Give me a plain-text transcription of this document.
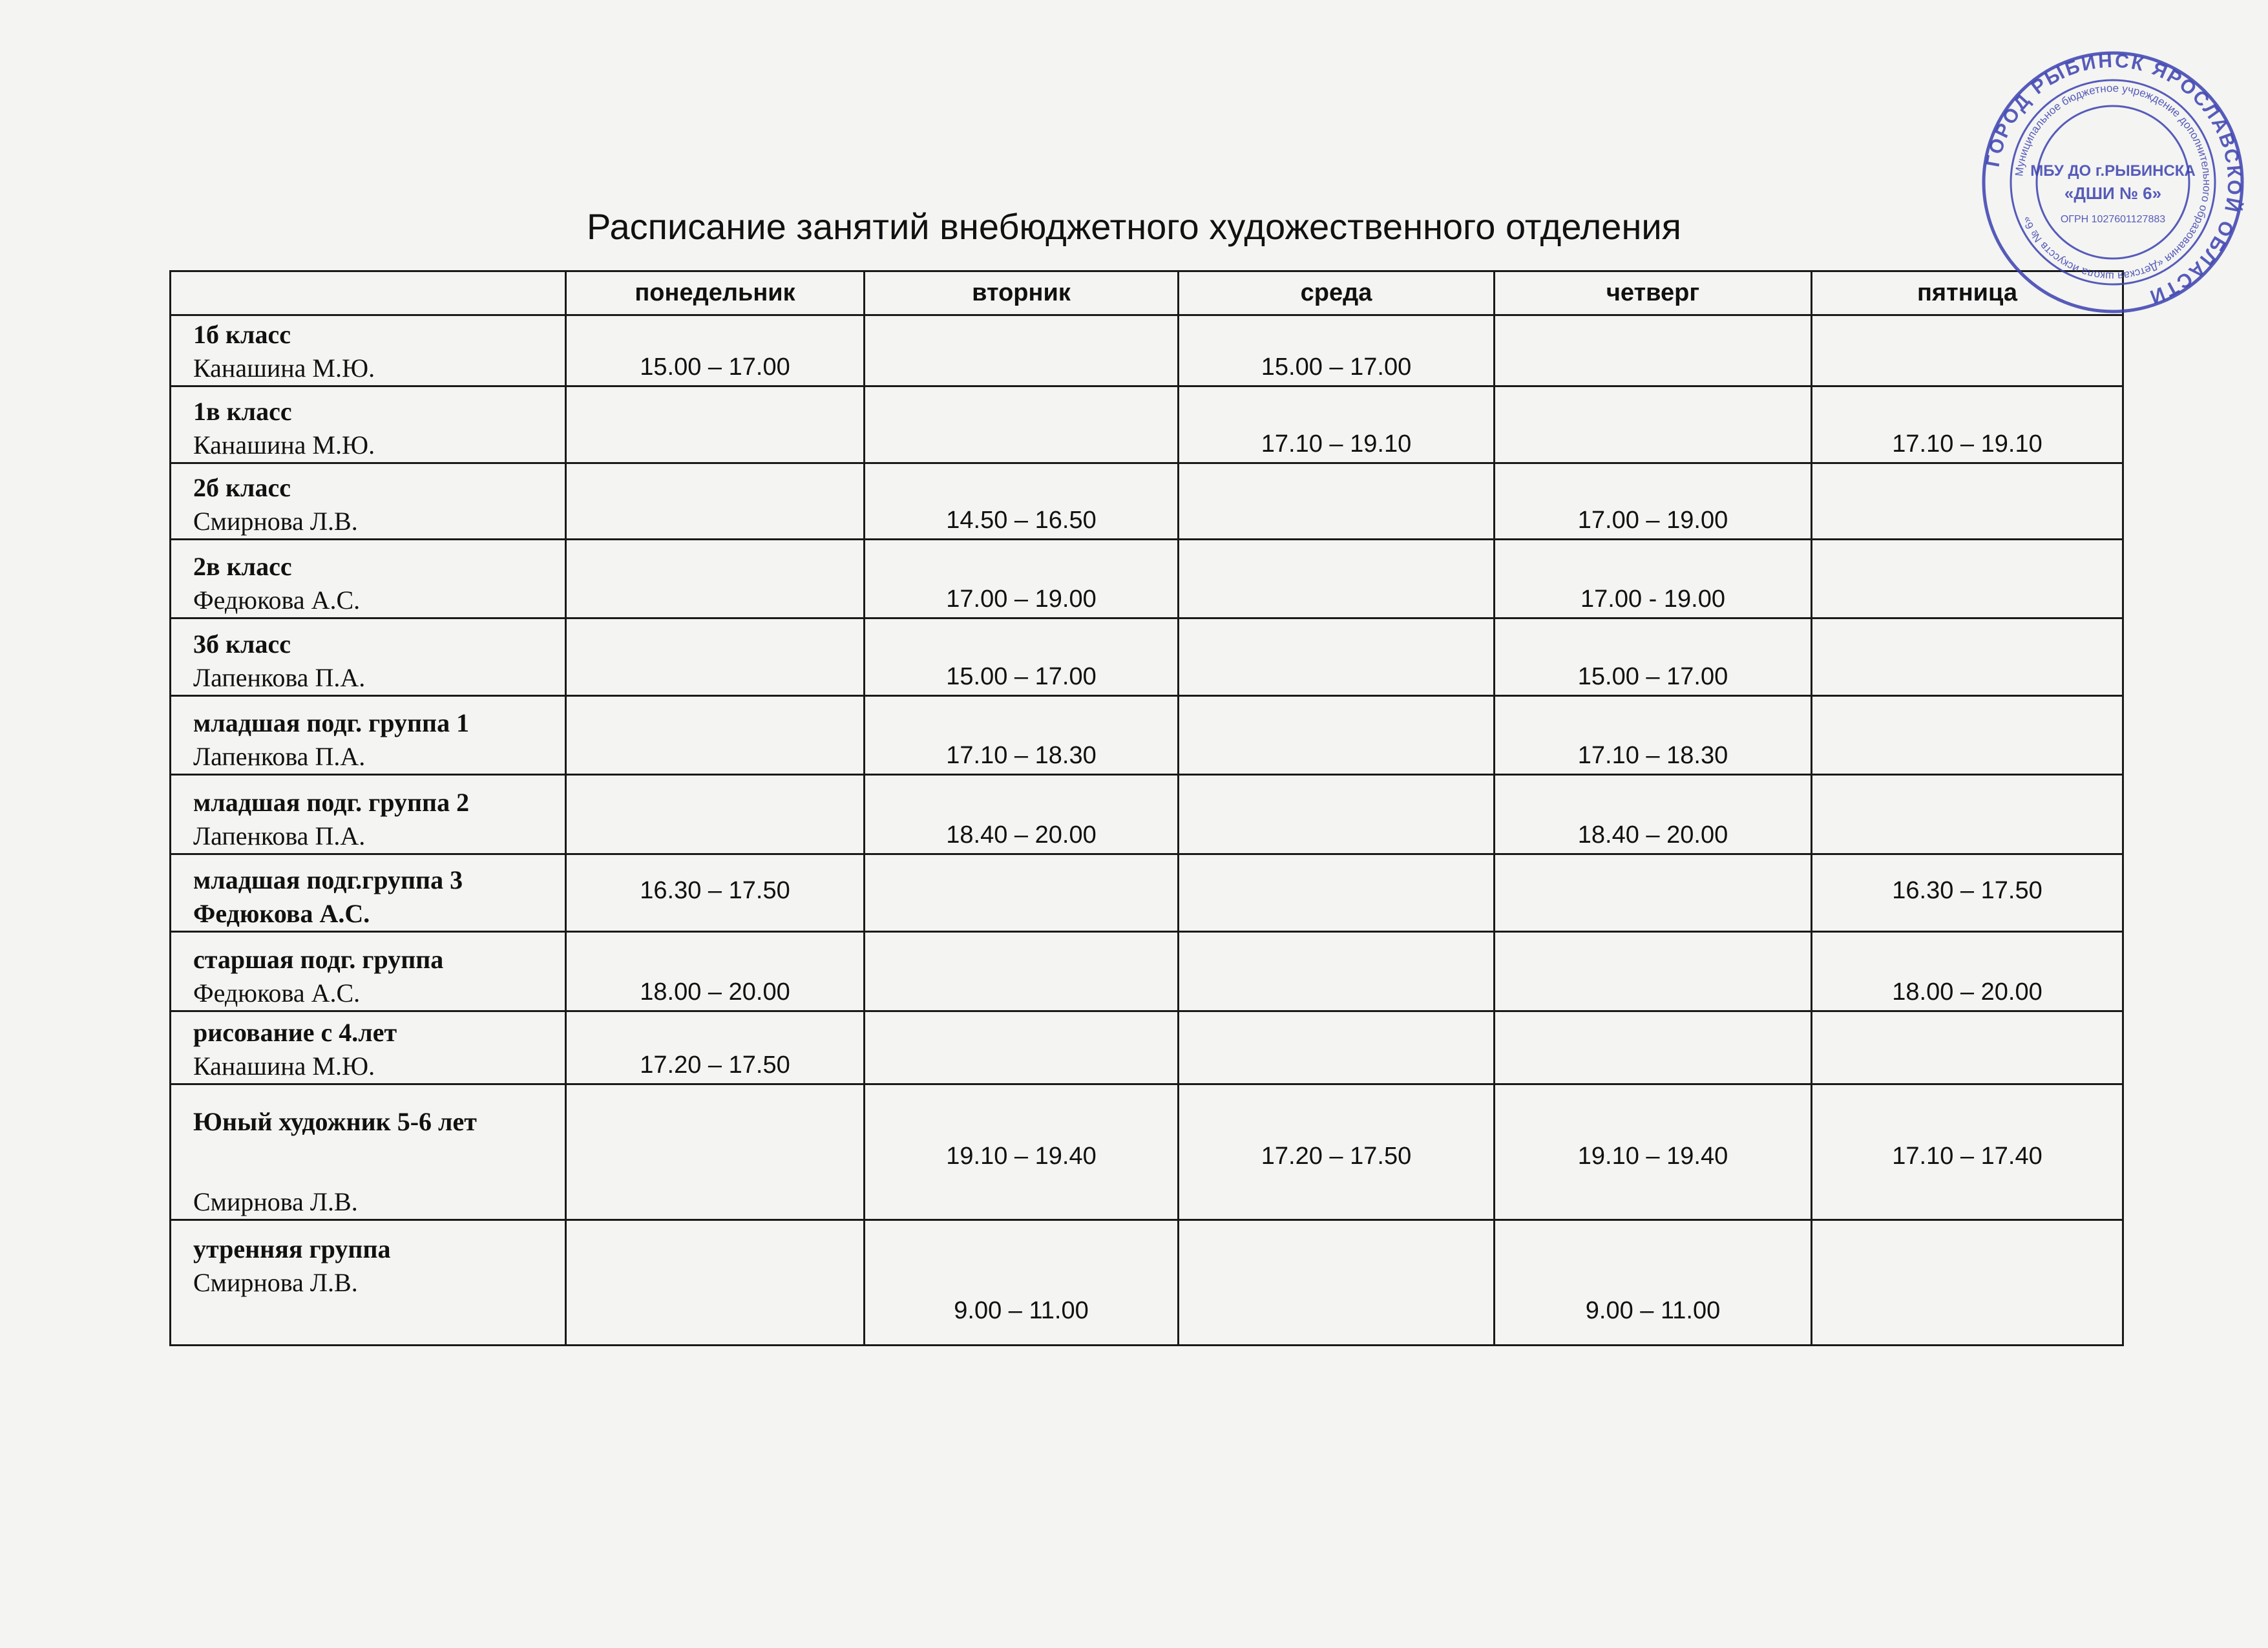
Расписание занятий внебюджетного художественного отделения
	понедельник	вторник	среда	четверг	пятница

1б класс
Канашина М.Ю.	15.00 – 17.00		15.00 – 17.00		

1в класс
Канашина М.Ю.			17.10 – 19.10		17.10 – 19.10

2б класс
Смирнова Л.В.		14.50 – 16.50		17.00 – 19.00	

2в класс
Федюкова А.С.		17.00 – 19.00		17.00 - 19.00	

3б класс
Лапенкова П.А.		15.00 – 17.00		15.00 – 17.00	

младшая подг. группа 1
Лапенкова П.А.		17.10 – 18.30		17.10 – 18.30	

младшая подг. группа 2
Лапенкова П.А.		18.40 – 20.00		18.40 – 20.00	

младшая подг.группа 3
Федюкова А.С.	16.30 – 17.50				16.30 – 17.50

старшая подг. группа
Федюкова А.С.	18.00 – 20.00				18.00 – 20.00

рисование с 4.лет
Канашина М.Ю.	17.20 – 17.50				

Юный художник 5-6 лет
Смирнова Л.В.		19.10 – 19.40	17.20 – 17.50	19.10 – 19.40	17.10 – 17.40

утренняя группа
Смирнова Л.В.		9.00 – 11.00		9.00 – 11.00	
ГОРОД РЫБИНСК ЯРОСЛАВСКОЙ ОБЛАСТИ
Муниципальное бюджетное учреждение дополнительного образования «Детская школа искусств № 6»
МБУ ДО г.РЫБИНСКА
«ДШИ № 6»
ОГРН 1027601127883
